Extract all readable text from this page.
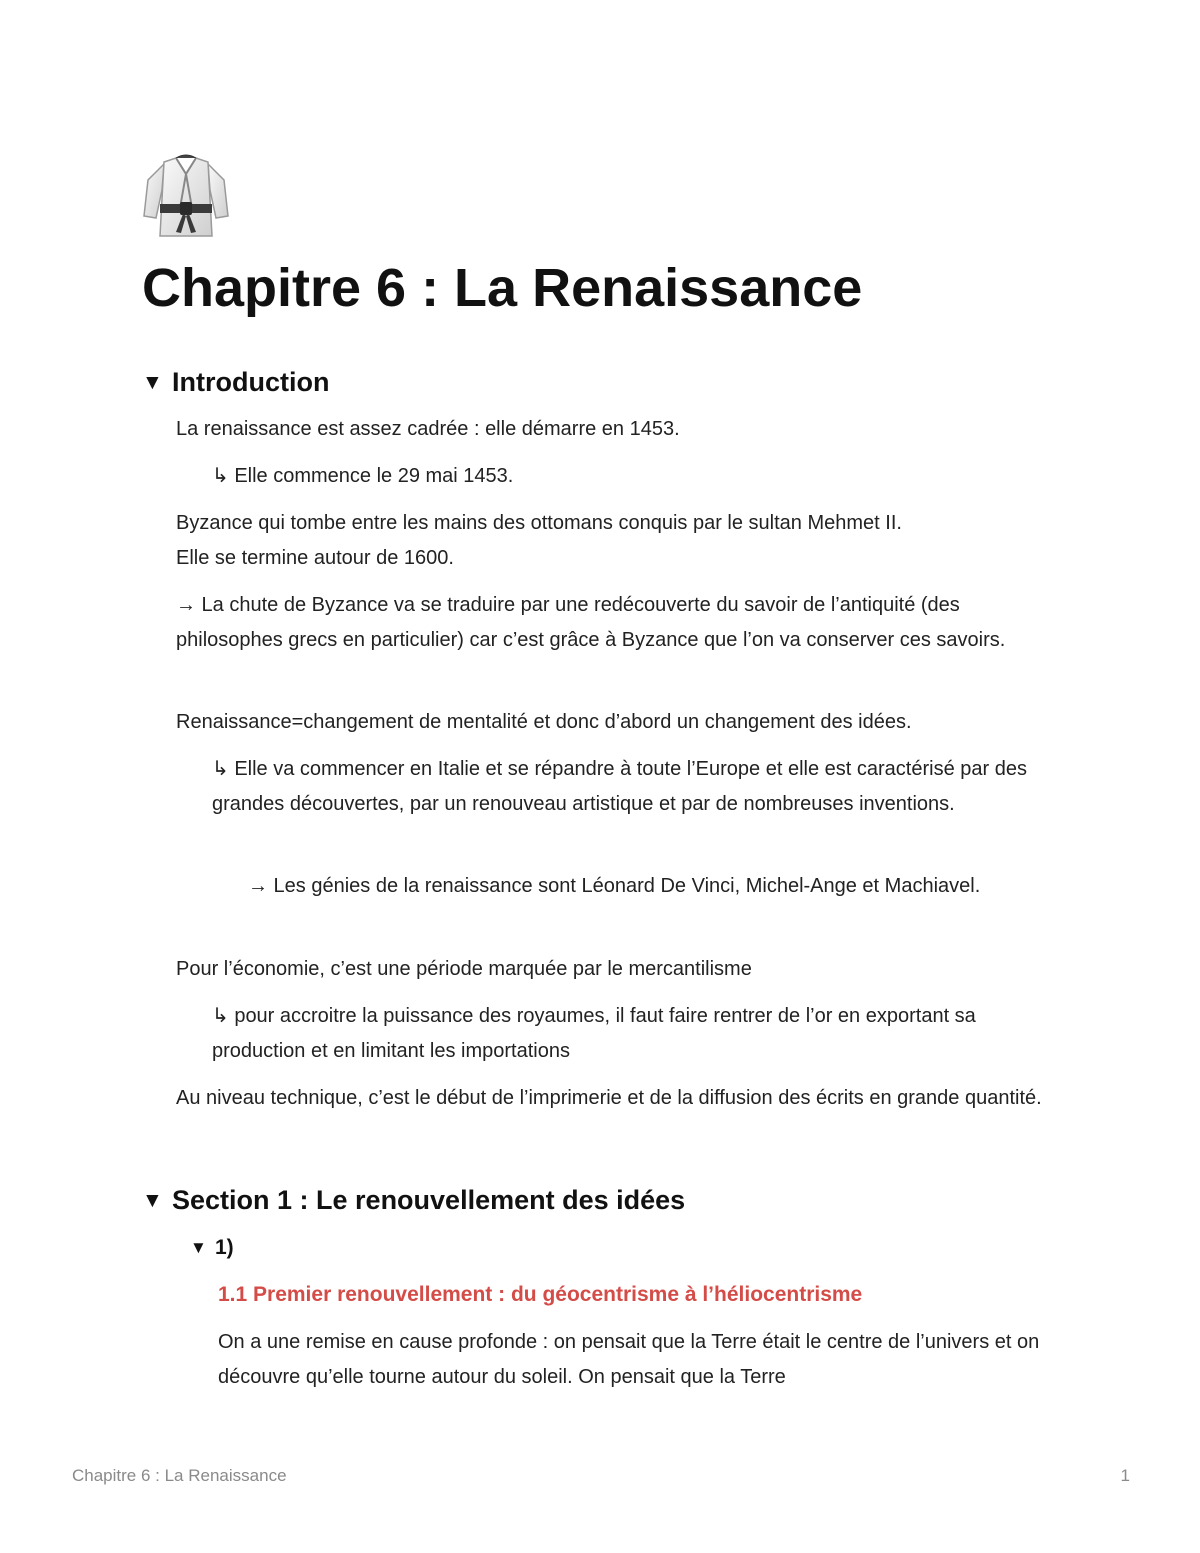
Chapitre 6 : La Renaissance
▼ Introduction

La renaissance est assez cadrée : elle démarre en 1453.

↳ Elle commence le 29 mai 1453.

Byzance qui tombe entre les mains des ottomans conquis par le sultan Mehmet II.

Elle se termine autour de 1600.

→ La chute de Byzance va se traduire par une redécouverte du savoir de l’antiquité (des philosophes grecs en particulier) car c’est grâce à Byzance que l’on va conserver ces savoirs.

Renaissance=changement de mentalité et donc d’abord un changement des idées.

↳ Elle va commencer en Italie et se répandre à toute l’Europe et elle est caractérisé par des grandes découvertes, par un renouveau artistique et par de nombreuses inventions.

→ Les génies de la renaissance sont Léonard De Vinci, Michel-Ange et Machiavel.

Pour l’économie, c’est une période marquée par le mercantilisme

↳ pour accroitre la puissance des royaumes, il faut faire rentrer de l’or en exportant sa production et en limitant les importations

Au niveau technique, c’est le début de l’imprimerie et de la diffusion des écrits en grande quantité.

▼ Section 1 : Le renouvellement des idées
▼ 1)
1.1 Premier renouvellement : du géocentrisme à l’héliocentrisme

On a une remise en cause profonde : on pensait que la Terre était le centre de l’univers et on découvre qu’elle tourne autour du soleil. On pensait que la Terre

Chapitre 6 : La Renaissance	1
